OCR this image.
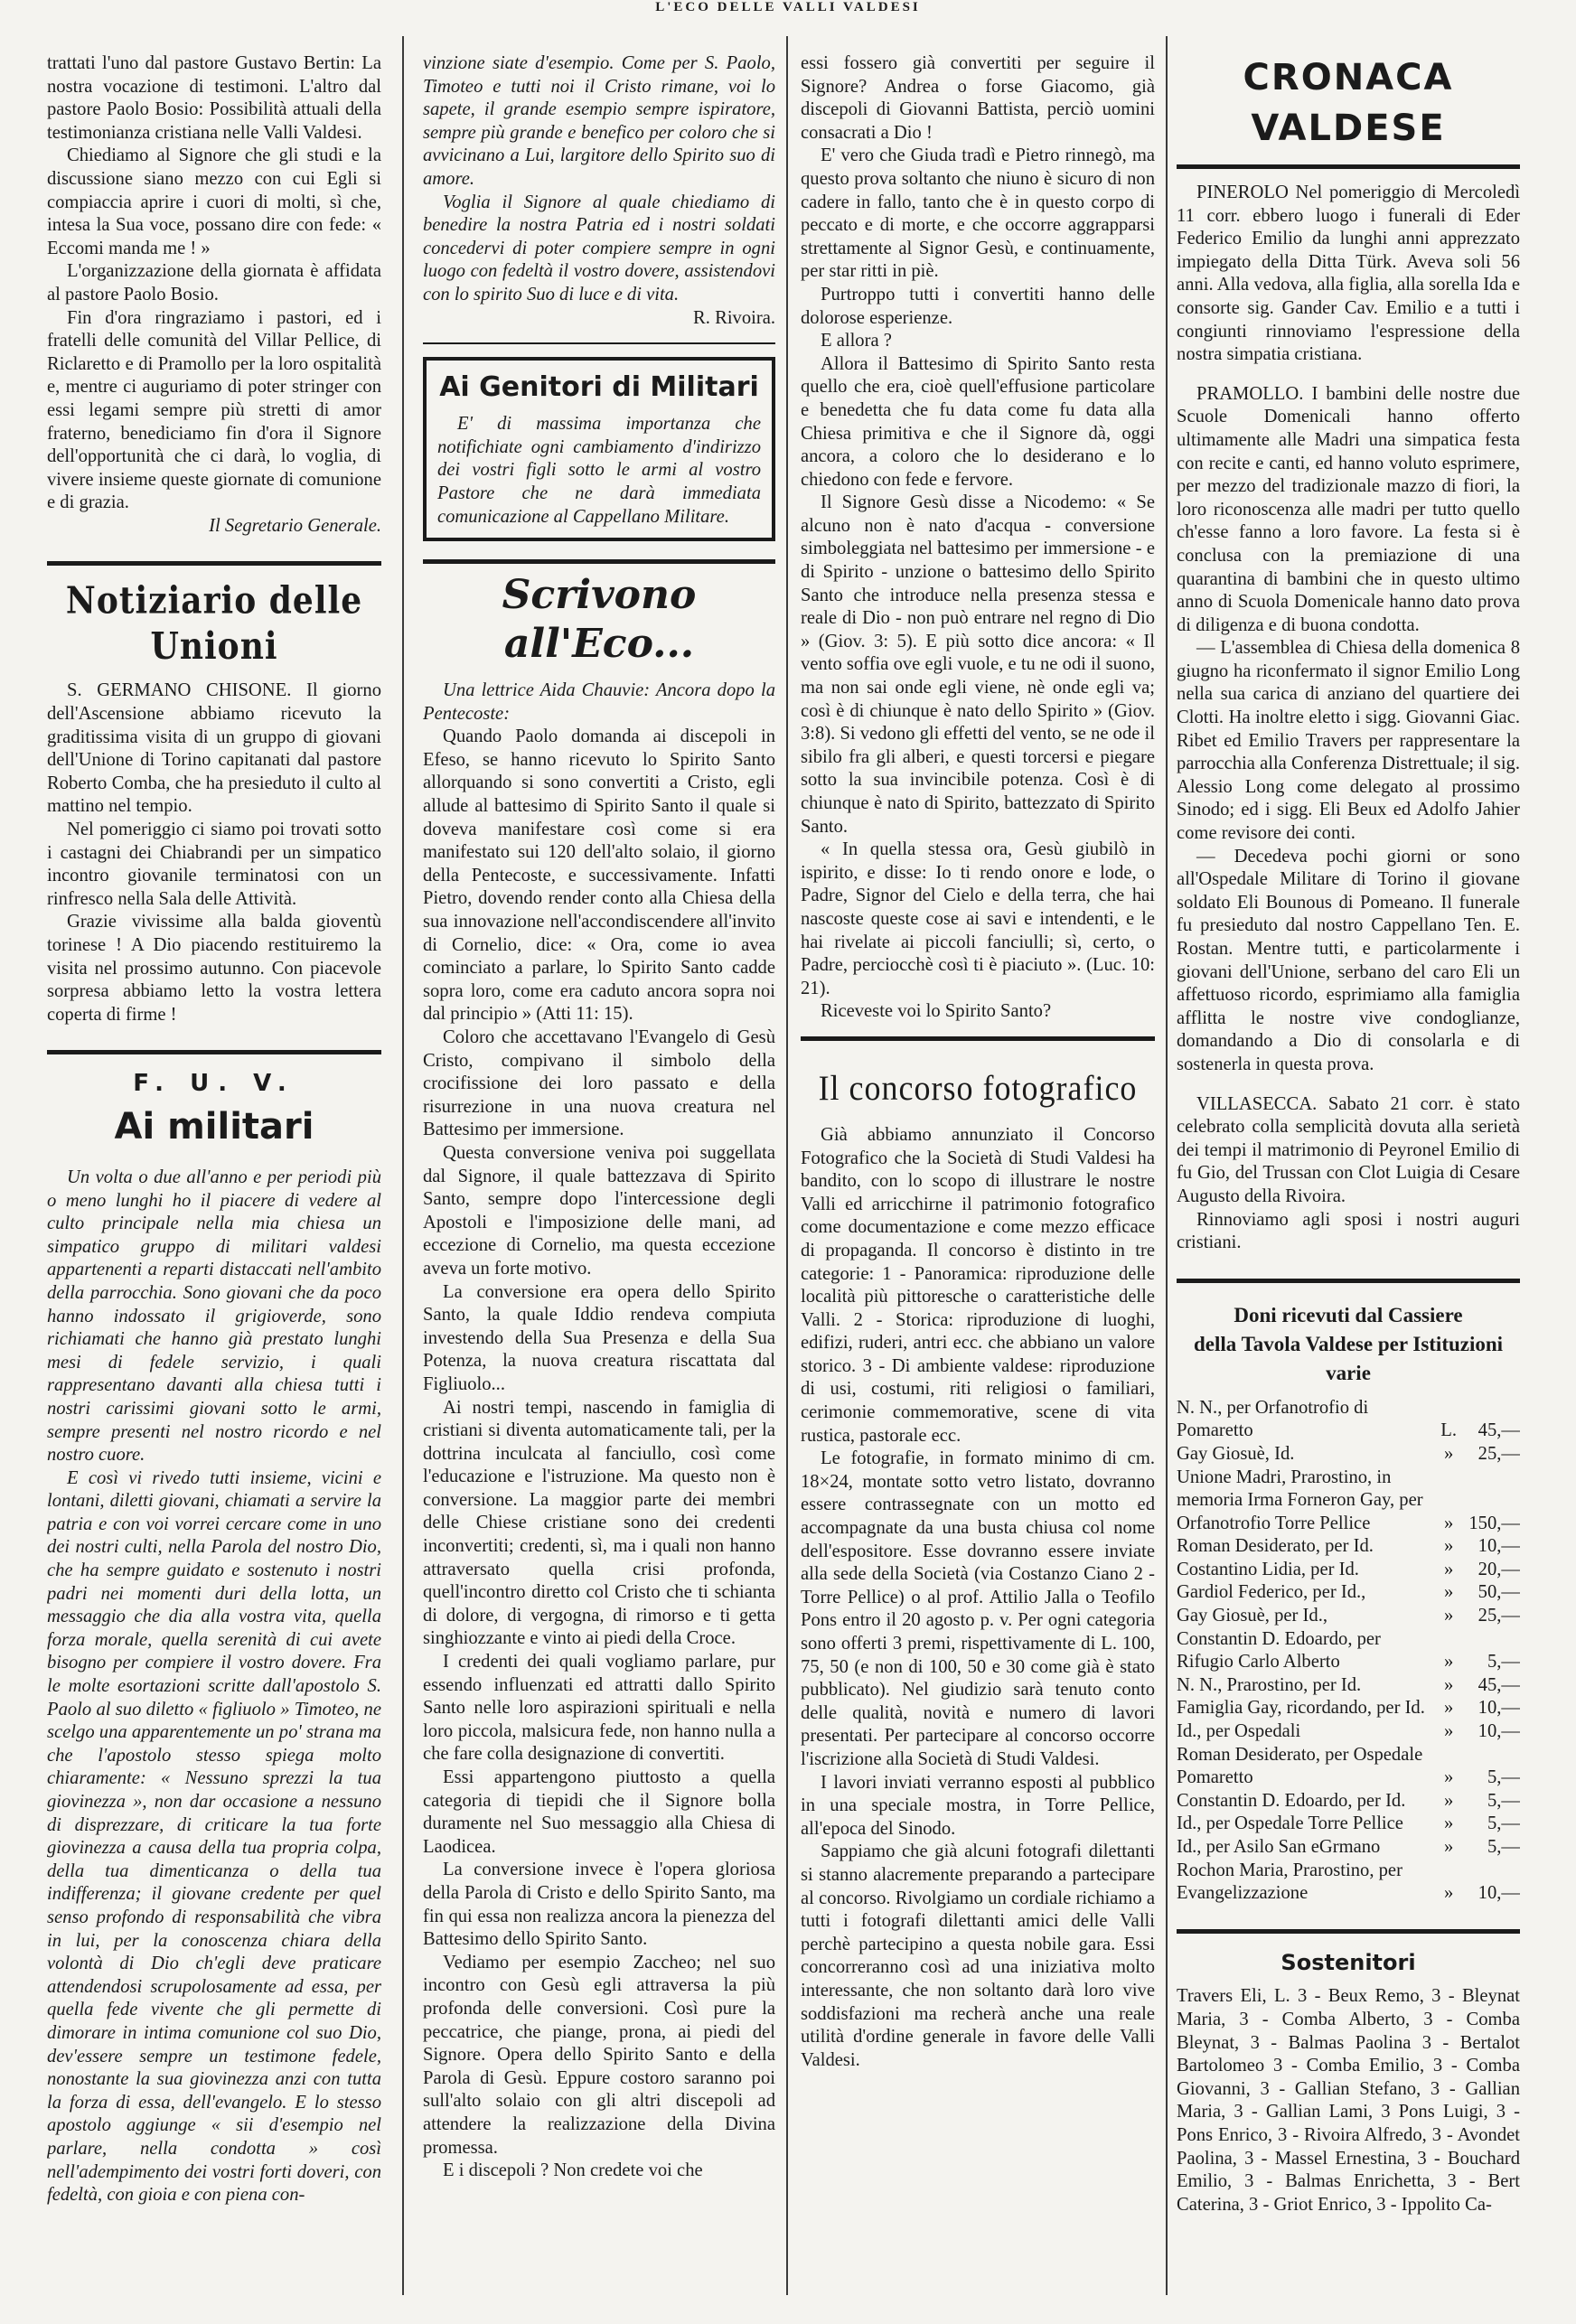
L'ECO DELLE VALLI VALDESI

trattati l'uno dal pastore Gustavo Bertin: La nostra vocazione di testimoni. L'altro dal pastore Paolo Bosio: Possibilità attuali della testimonianza cristiana nelle Valli Valdesi.

Chiediamo al Signore che gli studi e la discussione siano mezzo con cui Egli si compiaccia aprire i cuori di molti, sì che, intesa la Sua voce, possano dire con fede: « Eccomi manda me ! »

L'organizzazione della giornata è affidata al pastore Paolo Bosio.

Fin d'ora ringraziamo i pastori, ed i fratelli delle comunità del Villar Pellice, di Riclaretto e di Pramollo per la loro ospitalità e, mentre ci auguriamo di poter stringer con essi legami sempre più stretti di amor fraterno, benediciamo fin d'ora il Signore dell'opportunità che ci darà, lo voglia, di vivere insieme queste giornate di comunione e di grazia.

Il Segretario Generale.
Notiziario delle Unioni

S. GERMANO CHISONE. Il giorno dell'Ascensione abbiamo ricevuto la graditissima visita di un gruppo di giovani dell'Unione di Torino capitanati dal pastore Roberto Comba, che ha presieduto il culto al mattino nel tempio.

Nel pomeriggio ci siamo poi trovati sotto i castagni dei Chiabrandi per un simpatico incontro giovanile terminatosi con un rinfresco nella Sala delle Attività.

Grazie vivissime alla balda gioventù torinese ! A Dio piacendo restituiremo la visita nel prossimo autunno. Con piacevole sorpresa abbiamo letto la vostra lettera coperta di firme !

F. U. V.
Ai militari

Un volta o due all'anno e per periodi più o meno lunghi ho il piacere di vedere al culto principale nella mia chiesa un simpatico gruppo di militari valdesi appartenenti a reparti distaccati nell'ambito della parrocchia. Sono giovani che da poco hanno indossato il grigioverde, sono richiamati che hanno già prestato lunghi mesi di fedele servizio, i quali rappresentano davanti alla chiesa tutti i nostri carissimi giovani sotto le armi, sempre presenti nel nostro ricordo e nel nostro cuore.

E così vi rivedo tutti insieme, vicini e lontani, diletti giovani, chiamati a servire la patria e con voi vorrei cercare come in uno dei nostri culti, nella Parola del nostro Dio, che ha sempre guidato e sostenuto i nostri padri nei momenti duri della lotta, un messaggio che dia alla vostra vita, quella forza morale, quella serenità di cui avete bisogno per compiere il vostro dovere. Fra le molte esortazioni scritte dall'apostolo S. Paolo al suo diletto « figliuolo » Timoteo, ne scelgo una apparentemente un po' strana ma che l'apostolo stesso spiega molto chiaramente: « Nessuno sprezzi la tua giovinezza », non dar occasione a nessuno di disprezzare, di criticare la tua forte giovinezza a causa della tua propria colpa, della tua dimenticanza o della tua indifferenza; il giovane credente per quel senso profondo di responsabilità che vibra in lui, per la conoscenza chiara della volontà di Dio ch'egli deve praticare attendendosi scrupolosamente ad essa, per quella fede vivente che gli permette di dimorare in intima comunione col suo Dio, dev'essere sempre un testimone fedele, nonostante la sua giovinezza anzi con tutta la forza di essa, dell'evangelo. E lo stesso apostolo aggiunge « sii d'esempio nel parlare, nella condotta » così nell'adempimento dei vostri forti doveri, con fedeltà, con gioia e con piena con-

vinzione siate d'esempio. Come per S. Paolo, Timoteo e tutti noi il Cristo rimane, voi lo sapete, il grande esempio sempre ispiratore, sempre più grande e benefico per coloro che si avvicinano a Lui, largitore dello Spirito suo di amore.

Voglia il Signore al quale chiediamo di benedire la nostra Patria ed i nostri soldati concedervi di poter compiere sempre in ogni luogo con fedeltà il vostro dovere, assistendovi con lo spirito Suo di luce e di vita.

R. Rivoira.
Ai Genitori di Militari

E' di massima importanza che notifichiate ogni cambiamento d'indirizzo dei vostri figli sotto le armi al vostro Pastore che ne darà immediata comunicazione al Cappellano Militare.

Scrivono all'Eco...

Una lettrice Aida Chauvie: Ancora dopo la Pentecoste:

Quando Paolo domanda ai discepoli in Efeso, se hanno ricevuto lo Spirito Santo allorquando si sono convertiti a Cristo, egli allude al battesimo di Spirito Santo il quale si doveva manifestare così come si era manifestato sui 120 dell'alto solaio, il giorno della Pentecoste, e successivamente. Infatti Pietro, dovendo render conto alla Chiesa della sua innovazione nell'accondiscendere all'invito di Cornelio, dice: « Ora, come io avea cominciato a parlare, lo Spirito Santo cadde sopra loro, come era caduto ancora sopra noi dal principio » (Atti 11: 15).

Coloro che accettavano l'Evangelo di Gesù Cristo, compivano il simbolo della crocifissione dei loro passato e della risurrezione in una nuova creatura nel Battesimo per immersione.

Questa conversione veniva poi suggellata dal Signore, il quale battezzava di Spirito Santo, sempre dopo l'intercessione degli Apostoli e l'imposizione delle mani, ad eccezione di Cornelio, ma questa eccezione aveva un forte motivo.

La conversione era opera dello Spirito Santo, la quale Iddio rendeva compiuta investendo della Sua Presenza e della Sua Potenza, la nuova creatura riscattata dal Figliuolo...

Ai nostri tempi, nascendo in famiglia di cristiani si diventa automaticamente tali, per la dottrina inculcata al fanciullo, così come l'educazione e l'istruzione. Ma questo non è conversione. La maggior parte dei membri delle Chiese cristiane sono dei credenti inconvertiti; credenti, sì, ma i quali non hanno attraversato quella crisi profonda, quell'incontro diretto col Cristo che ti schianta di dolore, di vergogna, di rimorso e ti getta singhiozzante e vinto ai piedi della Croce.

I credenti dei quali vogliamo parlare, pur essendo influenzati ed attratti dallo Spirito Santo nelle loro aspirazioni spirituali e nella loro piccola, malsicura fede, non hanno nulla a che fare colla designazione di convertiti.

Essi appartengono piuttosto a quella categoria di tiepidi che il Signore bolla duramente nel Suo messaggio alla Chiesa di Laodicea.

La conversione invece è l'opera gloriosa della Parola di Cristo e dello Spirito Santo, ma fin qui essa non realizza ancora la pienezza del Battesimo dello Spirito Santo.

Vediamo per esempio Zaccheo; nel suo incontro con Gesù egli attraversa la più profonda delle conversioni. Così pure la peccatrice, che piange, prona, ai piedi del Signore. Opera dello Spirito Santo e della Parola di Gesù. Eppure costoro saranno poi sull'alto solaio con gli altri discepoli ad attendere la realizzazione della Divina promessa.

E i discepoli ? Non credete voi che

essi fossero già convertiti per seguire il Signore? Andrea o forse Giacomo, già discepoli di Giovanni Battista, perciò uomini consacrati a Dio !

E' vero che Giuda tradì e Pietro rinnegò, ma questo prova soltanto che niuno è sicuro di non cadere in fallo, tanto che è in questo corpo di peccato e di morte, e che occorre aggrapparsi strettamente al Signor Gesù, e continuamente, per star ritti in piè.

Purtroppo tutti i convertiti hanno delle dolorose esperienze.

E allora ?

Allora il Battesimo di Spirito Santo resta quello che era, cioè quell'effusione particolare e benedetta che fu data come fu data alla Chiesa primitiva e che il Signore dà, oggi ancora, a coloro che lo desiderano e lo chiedono con fede e fervore.

Il Signore Gesù disse a Nicodemo: « Se alcuno non è nato d'acqua - conversione simboleggiata nel battesimo per immersione - e di Spirito - unzione o battesimo dello Spirito Santo che introduce nella presenza stessa e reale di Dio - non può entrare nel regno di Dio » (Giov. 3: 5). E più sotto dice ancora: « Il vento soffia ove egli vuole, e tu ne odi il suono, ma non sai onde egli viene, nè onde egli va; così è di chiunque è nato dello Spirito » (Giov. 3:8). Si vedono gli effetti del vento, se ne ode il sibilo fra gli alberi, e questi torcersi e piegare sotto la sua invincibile potenza. Così è di chiunque è nato di Spirito, battezzato di Spirito Santo.

« In quella stessa ora, Gesù giubilò in ispirito, e disse: Io ti rendo onore e lode, o Padre, Signor del Cielo e della terra, che hai nascoste queste cose ai savi e intendenti, e le hai rivelate ai piccoli fanciulli; sì, certo, o Padre, perciocchè così ti è piaciuto ». (Luc. 10: 21).

Riceveste voi lo Spirito Santo?

Il concorso fotografico

Già abbiamo annunziato il Concorso Fotografico che la Società di Studi Valdesi ha bandito, con lo scopo di illustrare le nostre Valli ed arricchirne il patrimonio fotografico come documentazione e come mezzo efficace di propaganda. Il concorso è distinto in tre categorie: 1 - Panoramica: riproduzione delle località più pittoresche o caratteristiche delle Valli. 2 - Storica: riproduzione di luoghi, edifizi, ruderi, antri ecc. che abbiano un valore storico. 3 - Di ambiente valdese: riproduzione di usi, costumi, riti religiosi o familiari, cerimonie commemorative, scene di vita rustica, pastorale ecc.

Le fotografie, in formato minimo di cm. 18×24, montate sotto vetro listato, dovranno essere contrassegnate con un motto ed accompagnate da una busta chiusa col nome dell'espositore. Esse dovranno essere inviate alla sede della Società (via Costanzo Ciano 2 - Torre Pellice) o al prof. Attilio Jalla o Teofilo Pons entro il 20 agosto p. v. Per ogni categoria sono offerti 3 premi, rispettivamente di L. 100, 75, 50 (e non di 100, 50 e 30 come già è stato pubblicato). Nel giudizio sarà tenuto conto delle qualità, novità e numero di lavori presentati. Per partecipare al concorso occorre l'iscrizione alla Società di Studi Valdesi.

I lavori inviati verranno esposti al pubblico in una speciale mostra, in Torre Pellice, all'epoca del Sinodo.

Sappiamo che già alcuni fotografi dilettanti si stanno alacremente preparando a partecipare al concorso. Rivolgiamo un cordiale richiamo a tutti i fotografi dilettanti amici delle Valli perchè partecipino a questa nobile gara. Essi concorreranno così ad una iniziativa molto interessante, che non soltanto darà loro vive soddisfazioni ma recherà anche una reale utilità d'ordine generale in favore delle Valli Valdesi.

CRONACA VALDESE

PINEROLO Nel pomeriggio di Mercoledì 11 corr. ebbero luogo i funerali di Eder Federico Emilio da lunghi anni apprezzato impiegato della Ditta Türk. Aveva soli 56 anni. Alla vedova, alla figlia, alla sorella Ida e consorte sig. Gander Cav. Emilio e a tutti i congiunti rinnoviamo l'espressione della nostra simpatia cristiana.

PRAMOLLO. I bambini delle nostre due Scuole Domenicali hanno offerto ultimamente alle Madri una simpatica festa con recite e canti, ed hanno voluto esprimere, per mezzo del tradizionale mazzo di fiori, la loro riconoscenza alle madri per tutto quello ch'esse fanno a loro favore. La festa si è conclusa con la premiazione di una quarantina di bambini che in questo ultimo anno di Scuola Domenicale hanno dato prova di diligenza e di buona condotta.

— L'assemblea di Chiesa della domenica 8 giugno ha riconfermato il signor Emilio Long nella sua carica di anziano del quartiere dei Clotti. Ha inoltre eletto i sigg. Giovanni Giac. Ribet ed Emilio Travers per rappresentare la parrocchia alla Conferenza Distrettuale; il sig. Alessio Long come delegato al prossimo Sinodo; ed i sigg. Eli Beux ed Adolfo Jahier come revisore dei conti.

— Decedeva pochi giorni or sono all'Ospedale Militare di Torino il giovane soldato Eli Bounous di Pomeano. Il funerale fu presieduto dal nostro Cappellano Ten. E. Rostan. Mentre tutti, e particolarmente i giovani dell'Unione, serbano del caro Eli un affettuoso ricordo, esprimiamo alla famiglia afflitta le nostre vive condoglianze, domandando a Dio di consolarla e di sostenerla in questa prova.

VILLASECCA. Sabato 21 corr. è stato celebrato colla semplicità dovuta alla serietà dei tempi il matrimonio di Peyronel Emilio di fu Gio, del Trussan con Clot Luigia di Cesare Augusto della Rivoira.

Rinnoviamo agli sposi i nostri auguri cristiani.

Doni ricevuti dal Cassiere
della Tavola Valdese per Istituzioni varie
N. N., per Orfanotrofio di Pomaretto	L.	45,—
Gay Giosuè, Id.	»	25,—
Unione Madri, Prarostino, in memoria Irma Forneron Gay, per Orfanotrofio Torre Pellice	»	150,—
Roman Desiderato, per Id.	»	10,—
Costantino Lidia, per Id.	»	20,—
Gardiol Federico, per Id.,	»	50,—
Gay Giosuè, per Id.,	»	25,—
Constantin D. Edoardo, per Rifugio Carlo Alberto	»	5,—
N. N., Prarostino, per Id.	»	45,—
Famiglia Gay, ricordando, per Id.	»	10,—
Id., per Ospedali	»	10,—
Roman Desiderato, per Ospedale Pomaretto	»	5,—
Constantin D. Edoardo, per Id.	»	5,—
Id., per Ospedale Torre Pellice	»	5,—
Id., per Asilo San eGrmano	»	5,—
Rochon Maria, Prarostino, per Evangelizzazione	»	10,—
Sostenitori

Travers Eli, L. 3 - Beux Remo, 3 - Bleynat Maria, 3 - Comba Alberto, 3 - Comba Bleynat, 3 - Balmas Paolina 3 - Bertalot Bartolomeo 3 - Comba Emilio, 3 - Comba Giovanni, 3 - Gallian Stefano, 3 - Gallian Maria, 3 - Gallian Lami, 3 Pons Luigi, 3 - Pons Enrico, 3 - Rivoira Alfredo, 3 - Avondet Paolina, 3 - Massel Ernestina, 3 - Bouchard Emilio, 3 - Balmas Enrichetta, 3 - Bert Caterina, 3 - Griot Enrico, 3 - Ippolito Ca-
